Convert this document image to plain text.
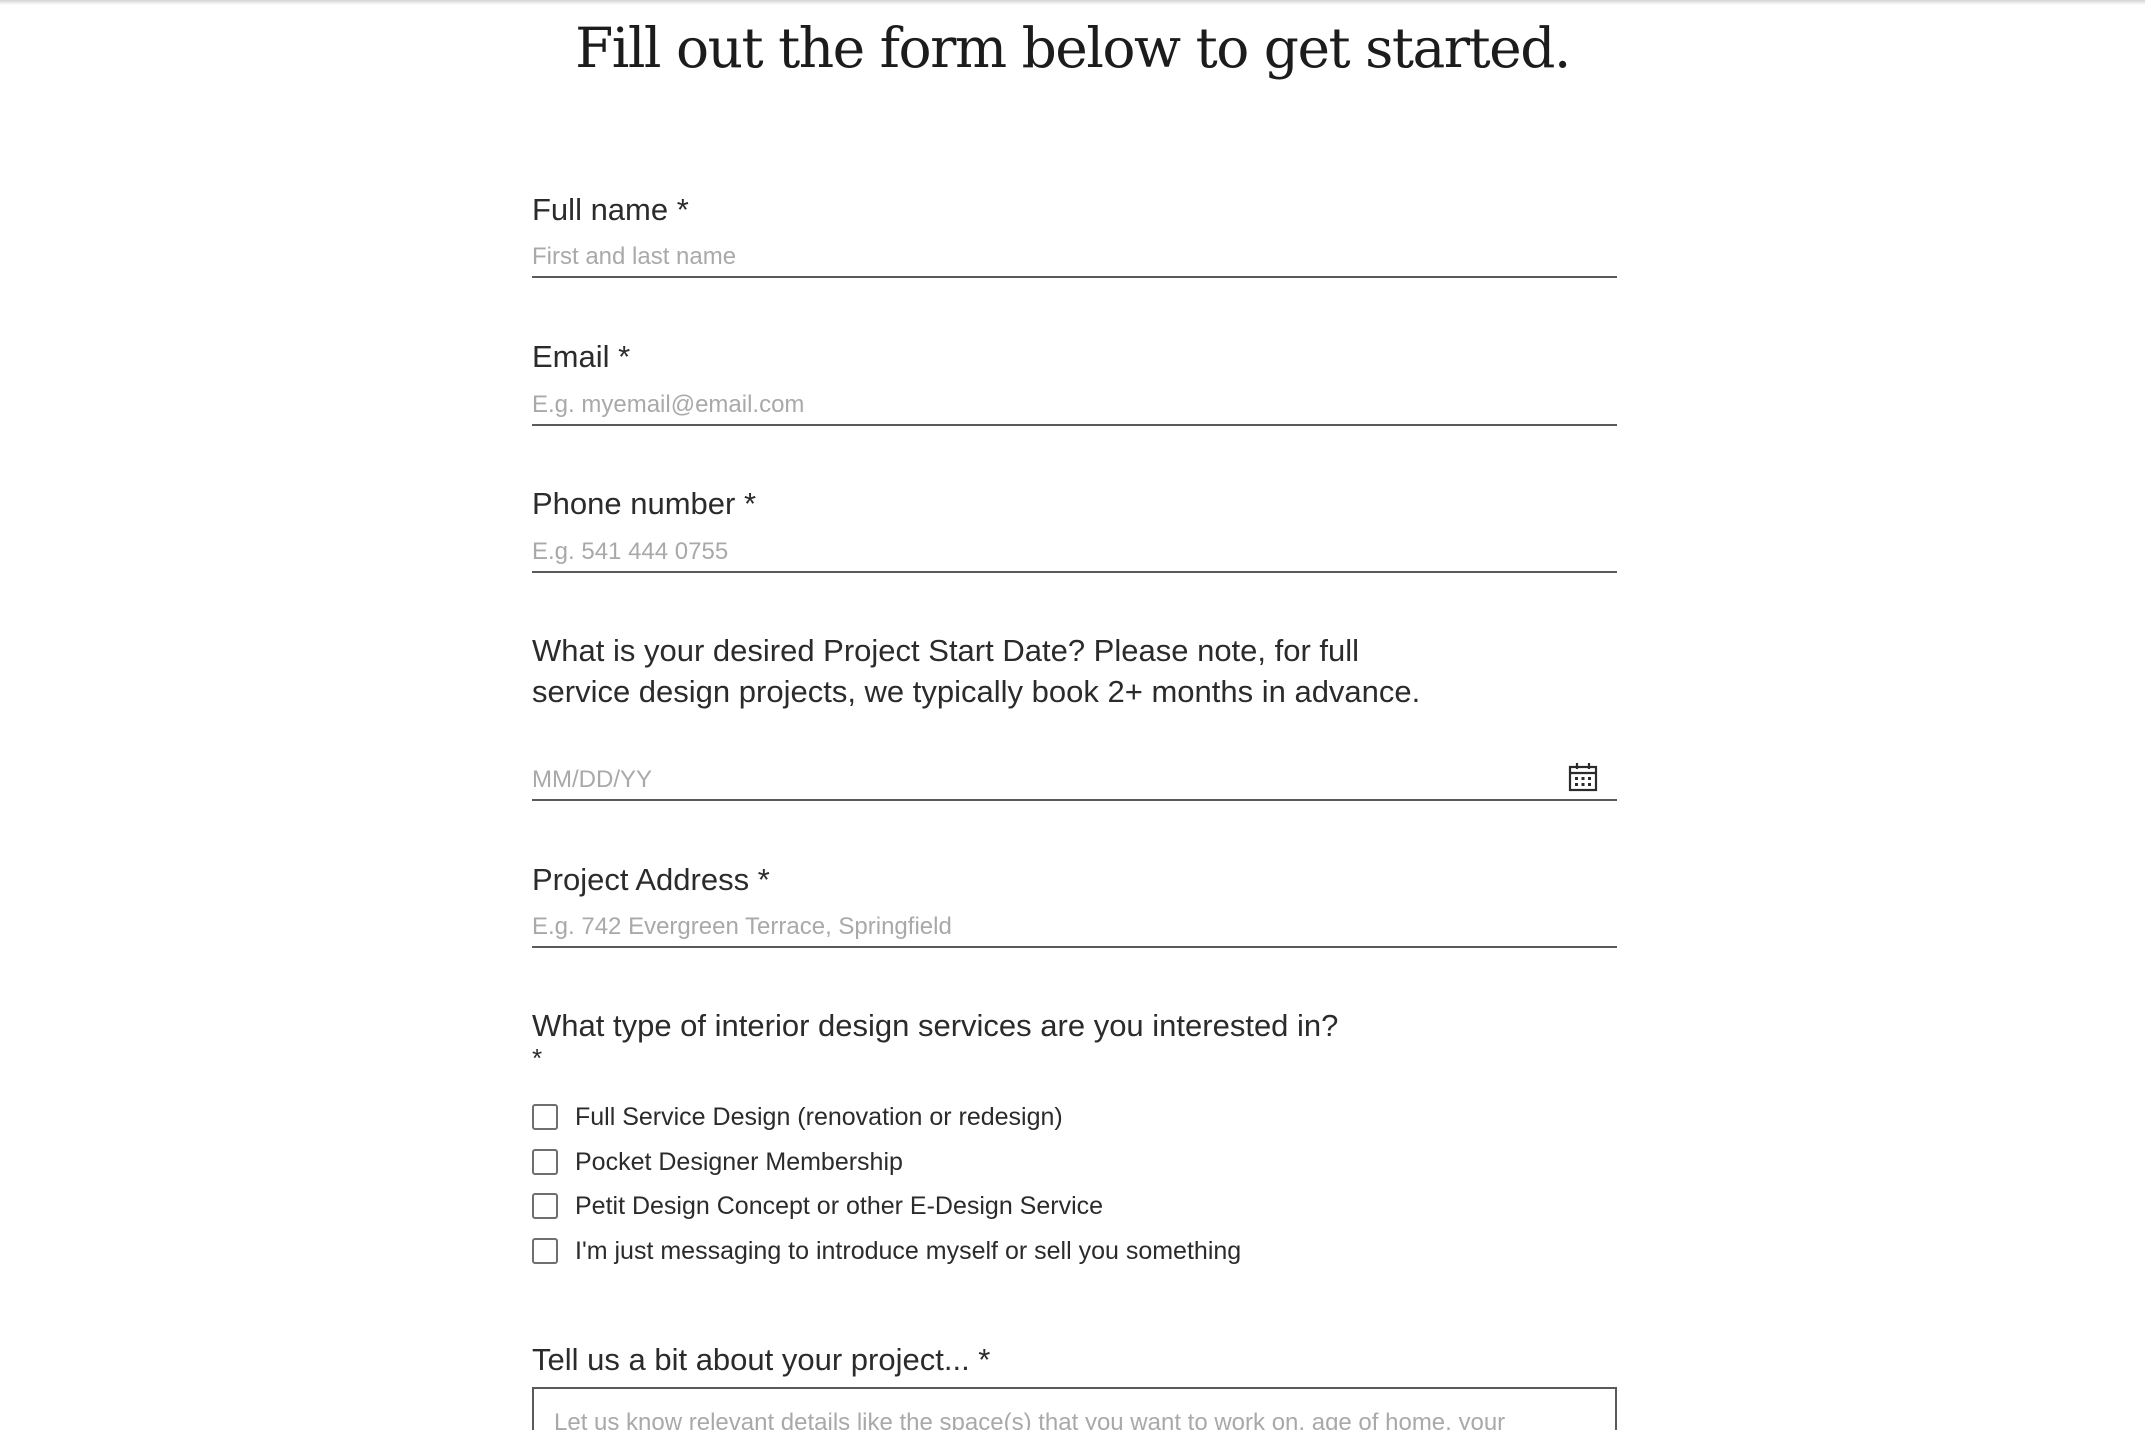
Fill out the form below to get started.
Full name *
First and last name
Email *
E.g. myemail@email.com
Phone number *
E.g. 541 444 0755
What is your desired Project Start Date? Please note, for full service design projects, we typically book 2+ months in advance.
MM/DD/YY
Project Address *
E.g. 742 Evergreen Terrace, Springfield
What type of interior design services are you interested in?
*
Full Service Design (renovation or redesign)
Pocket Designer Membership
Petit Design Concept or other E-Design Service
I'm just messaging to introduce myself or sell you something
Tell us a bit about your project... *
Let us know relevant details like the space(s) that you want to work on, age of home, your
